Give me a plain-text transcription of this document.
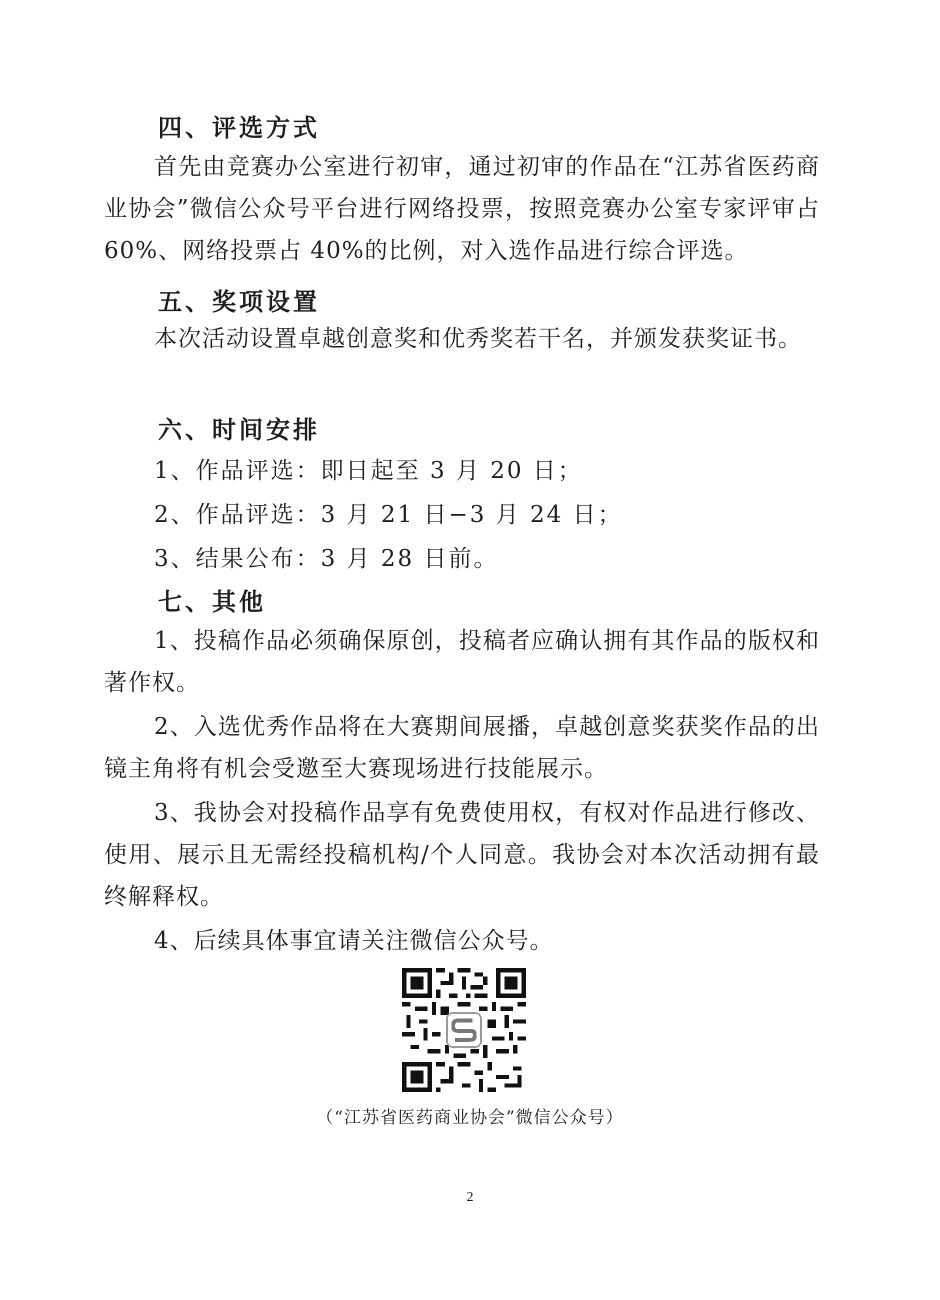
四、评选方式
首先由竞赛办公室进行初审，通过初审的作品在“江苏省医药商业协会”微信公众号平台进行网络投票，按照竞赛办公室专家评审占 60%、网络投票占 40%的比例，对入选作品进行综合评选。
五、奖项设置
本次活动设置卓越创意奖和优秀奖若干名，并颁发获奖证书。
六、时间安排
1、作品评选：即日起至 3 月 20 日；
2、作品评选：3 月 21 日−3 月 24 日；
3、结果公布：3 月 28 日前。
七、其他
1、投稿作品必须确保原创，投稿者应确认拥有其作品的版权和著作权。
2、入选优秀作品将在大赛期间展播，卓越创意奖获奖作品的出镜主角将有机会受邀至大赛现场进行技能展示。
3、我协会对投稿作品享有免费使用权，有权对作品进行修改、使用、展示且无需经投稿机构/个人同意。我协会对本次活动拥有最终解释权。
4、后续具体事宜请关注微信公众号。
（“江苏省医药商业协会”微信公众号）
2
